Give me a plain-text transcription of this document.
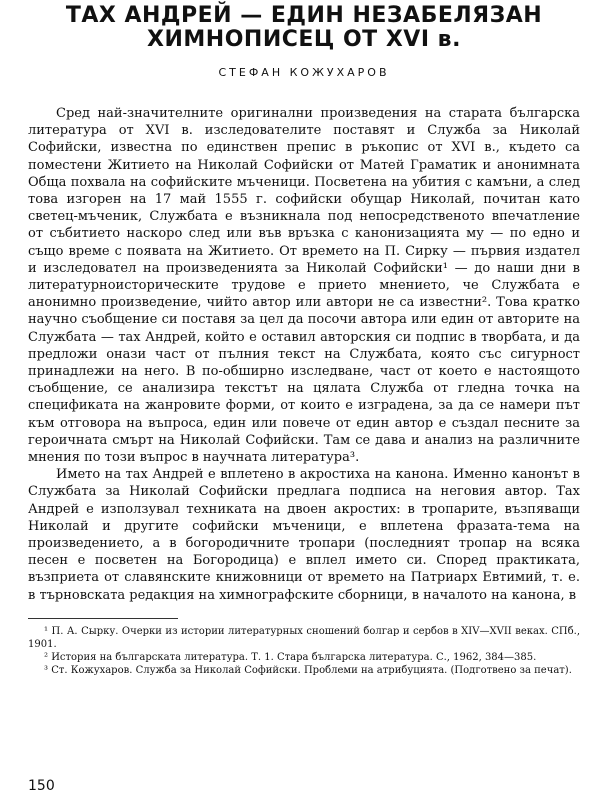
ТАХ АНДРЕЙ — ЕДИН НЕЗАБЕЛЯЗАН
ХИМНОПИСЕЦ ОТ XVI в.
СТЕФАН КОЖУХАРОВ

Сред най-значителните оригинални произведения на старата българска литература от XVI в. изследователите поставят и Служба за Николай Софийски, известна по единствен препис в ръкопис от XVI в., където са поместени Житието на Николай Софийски от Матей Граматик и анонимната Обща похвала на софийските мъченици. Посветена на убития с камъни, а след това изгорен на 17 май 1555 г. софийски обущар Николай, почитан като светец-мъченик, Службата е възникнала под непосредственото впечатление от събитието наскоро след или във връзка с канонизацията му — по едно и също време с появата на Житието. От времето на П. Сирку — първия издател и изследовател на произведенията за Николай Софийски¹ — до наши дни в литературноисторическите трудове е прието мнението, че Службата е анонимно произведение, чийто автор или автори не са известни². Това кратко научно съобщение си поставя за цел да посочи автора или един от авторите на Службата — тах Андрей, който е оставил авторския си подпис в творбата, и да предложи онази част от пълния текст на Службата, която със сигурност принадлежи на него. В по-обширно изследване, част от което е настоящото съобщение, се анализира текстът на цялата Служба от гледна точка на спецификата на жанровите форми, от които е изградена, за да се намери път към отговора на въпроса, един или повече от един автор е създал песните за героичната смърт на Николай Софийски. Там се дава и анализ на различните мнения по този въпрос в научната литература³.

Името на тах Андрей е вплетено в акростиха на канона. Именно канонът в Службата за Николай Софийски предлага подписа на неговия автор. Тах Андрей е използувал техниката на двоен акростих: в тропарите, възпяващи Николай и другите софийски мъченици, е вплетена фразата-тема на произведението, а в богородичните тропари (последният тропар на всяка песен е посветен на Богородица) е вплел името си. Според практиката, възприета от славянските книжовници от времето на Патриарх Евтимий, т. е. в търновската редакция на химнографските сборници, в началото на канона, в

¹ П. А. Сырку. Очерки из истории литературных сношений болгар и сербов в XIV—XVII веках. СПб., 1901.

² История на българската литература. Т. 1. Стара българска литература. С., 1962, 384—385.

³ Ст. Кожухаров. Служба за Николай Софийски. Проблеми на атрибуцията. (Подготвено за печат).

150
